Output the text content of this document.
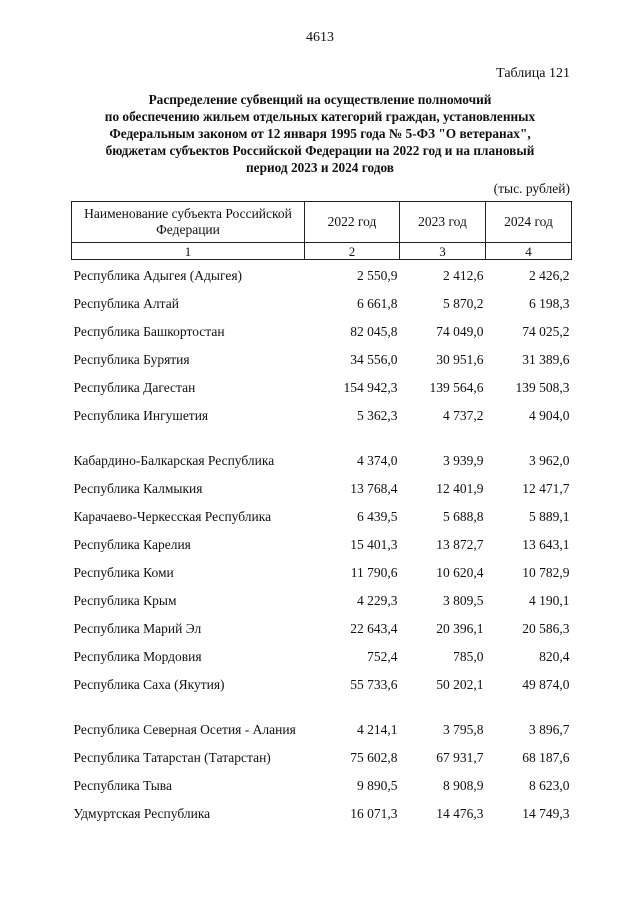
4613
Таблица 121
Распределение субвенций на осуществление полномочий
по обеспечению жильем отдельных категорий граждан, установленных
Федеральным законом от 12 января 1995 года № 5-ФЗ "О ветеранах",
бюджетам субъектов Российской Федерации на 2022 год и на плановый
период 2023 и 2024 годов
(тыс. рублей)
Наименование субъекта Российской Федерации	2022 год	2023 год	2024 год
1	2	3	4
Республика Адыгея (Адыгея)	2 550,9	2 412,6	2 426,2
Республика Алтай	6 661,8	5 870,2	6 198,3
Республика Башкортостан	82 045,8	74 049,0	74 025,2
Республика Бурятия	34 556,0	30 951,6	31 389,6
Республика Дагестан	154 942,3	139 564,6	139 508,3
Республика Ингушетия	5 362,3	4 737,2	4 904,0
Кабардино-Балкарская Республика	4 374,0	3 939,9	3 962,0
Республика Калмыкия	13 768,4	12 401,9	12 471,7
Карачаево-Черкесская Республика	6 439,5	5 688,8	5 889,1
Республика Карелия	15 401,3	13 872,7	13 643,1
Республика Коми	11 790,6	10 620,4	10 782,9
Республика Крым	4 229,3	3 809,5	4 190,1
Республика Марий Эл	22 643,4	20 396,1	20 586,3
Республика Мордовия	752,4	785,0	820,4
Республика Саха (Якутия)	55 733,6	50 202,1	49 874,0
Республика Северная Осетия - Алания	4 214,1	3 795,8	3 896,7
Республика Татарстан (Татарстан)	75 602,8	67 931,7	68 187,6
Республика Тыва	9 890,5	8 908,9	8 623,0
Удмуртская Республика	16 071,3	14 476,3	14 749,3
